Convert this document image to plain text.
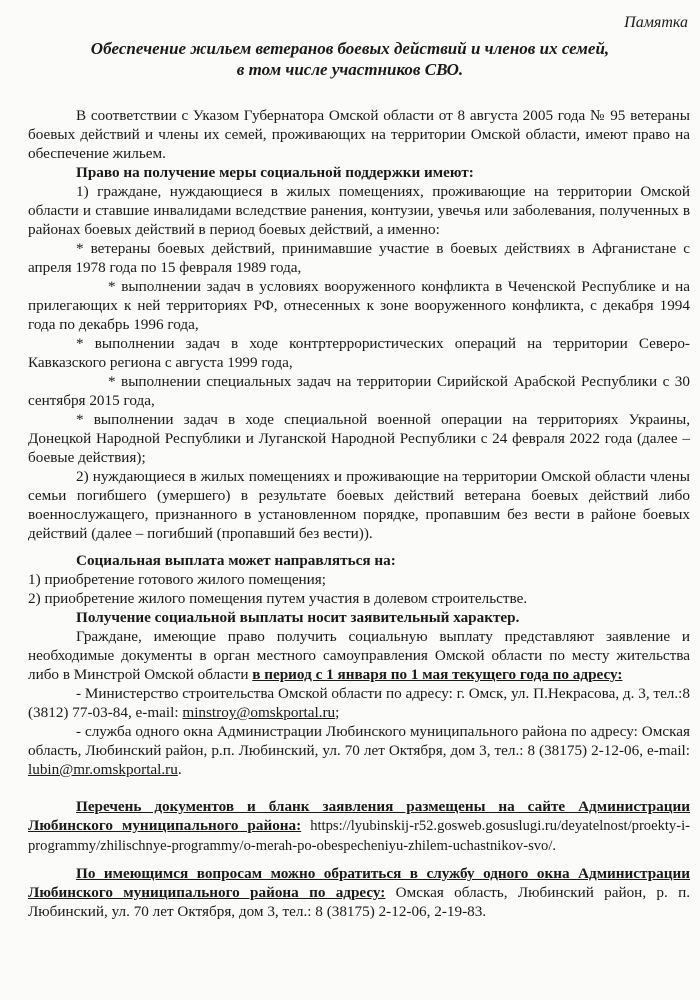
Памятка
Обеспечение жильем ветеранов боевых действий и членов их семей,
в том числе участников СВО.

В соответствии с Указом Губернатора Омской области от 8 августа 2005 года № 95 ветераны боевых действий и члены их семей, проживающих на территории Омской области, имеют право на обеспечение жильем.

Право на получение меры социальной поддержки имеют:

1) граждане, нуждающиеся в жилых помещениях, проживающие на территории Омской области и ставшие инвалидами вследствие ранения, контузии, увечья или заболевания, полученных в районах боевых действий в период боевых действий, а именно:

* ветераны боевых действий, принимавшие участие в боевых действиях в Афганистане с апреля 1978 года по 15 февраля 1989 года,

* выполнении задач в условиях вооруженного конфликта в Чеченской Республике и на прилегающих к ней территориях РФ, отнесенных к зоне вооруженного конфликта, с декабря 1994 года по декабрь 1996 года,

* выполнении задач в ходе контртеррористических операций на территории Северо-Кавказского региона с августа 1999 года,

* выполнении специальных задач на территории Сирийской Арабской Республики с 30 сентября 2015 года,

* выполнении задач в ходе специальной военной операции на территориях Украины, Донецкой Народной Республики и Луганской Народной Республики с 24 февраля 2022 года (далее – боевые действия);

2) нуждающиеся в жилых помещениях и проживающие на территории Омской области члены семьи погибшего (умершего) в результате боевых действий ветерана боевых действий либо военнослужащего, признанного в установленном порядке, пропавшим без вести в районе боевых действий (далее – погибший (пропавший без вести)).

Социальная выплата может направляться на:

1) приобретение готового жилого помещения;

2) приобретение жилого помещения путем участия в долевом строительстве.

Получение социальной выплаты носит заявительный характер.

Граждане, имеющие право получить социальную выплату представляют заявление и необходимые документы в орган местного самоуправления Омской области по месту жительства либо в Минстрой Омской области в период с 1 января по 1 мая текущего года по адресу:

- Министерство строительства Омской области по адресу: г. Омск, ул. П.Некрасова, д. 3, тел.:8 (3812) 77-03-84, e-mail: minstroy@omskportal.ru;

- служба одного окна Администрации Любинского муниципального района по адресу: Омская область, Любинский район, р.п. Любинский, ул. 70 лет Октября, дом 3, тел.: 8 (38175) 2-12-06, e-mail: lubin@mr.omskportal.ru.

Перечень документов и бланк заявления размещены на сайте Администрации Любинского муниципального района: https://lyubinskij-r52.gosweb.gosuslugi.ru/deyatelnost/proekty-i-programmy/zhilischnye-programmy/o-merah-po-obespecheniyu-zhilem-uchastnikov-svo/.

По имеющимся вопросам можно обратиться в службу одного окна Администрации Любинского муниципального района по адресу: Омская область, Любинский район, р. п. Любинский, ул. 70 лет Октября, дом 3, тел.: 8 (38175) 2-12-06, 2-19-83.
